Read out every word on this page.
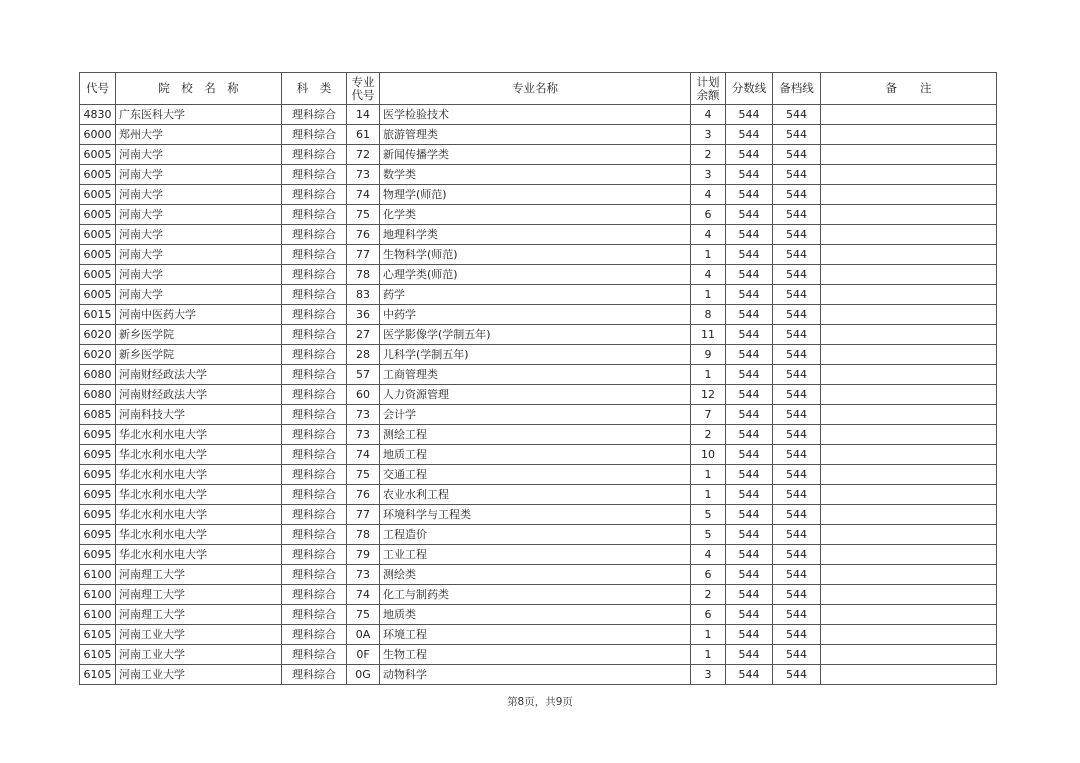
代号	院　校　名　称	科　类	专业代号	专业名称	计划余额	分数线	备档线	备　　注
4830	广东医科大学	理科综合	14	医学检验技术	4	544	544	
6000	郑州大学	理科综合	61	旅游管理类	3	544	544	
6005	河南大学	理科综合	72	新闻传播学类	2	544	544	
6005	河南大学	理科综合	73	数学类	3	544	544	
6005	河南大学	理科综合	74	物理学(师范)	4	544	544	
6005	河南大学	理科综合	75	化学类	6	544	544	
6005	河南大学	理科综合	76	地理科学类	4	544	544	
6005	河南大学	理科综合	77	生物科学(师范)	1	544	544	
6005	河南大学	理科综合	78	心理学类(师范)	4	544	544	
6005	河南大学	理科综合	83	药学	1	544	544	
6015	河南中医药大学	理科综合	36	中药学	8	544	544	
6020	新乡医学院	理科综合	27	医学影像学(学制五年)	11	544	544	
6020	新乡医学院	理科综合	28	儿科学(学制五年)	9	544	544	
6080	河南财经政法大学	理科综合	57	工商管理类	1	544	544	
6080	河南财经政法大学	理科综合	60	人力资源管理	12	544	544	
6085	河南科技大学	理科综合	73	会计学	7	544	544	
6095	华北水利水电大学	理科综合	73	测绘工程	2	544	544	
6095	华北水利水电大学	理科综合	74	地质工程	10	544	544	
6095	华北水利水电大学	理科综合	75	交通工程	1	544	544	
6095	华北水利水电大学	理科综合	76	农业水利工程	1	544	544	
6095	华北水利水电大学	理科综合	77	环境科学与工程类	5	544	544	
6095	华北水利水电大学	理科综合	78	工程造价	5	544	544	
6095	华北水利水电大学	理科综合	79	工业工程	4	544	544	
6100	河南理工大学	理科综合	73	测绘类	6	544	544	
6100	河南理工大学	理科综合	74	化工与制药类	2	544	544	
6100	河南理工大学	理科综合	75	地质类	6	544	544	
6105	河南工业大学	理科综合	0A	环境工程	1	544	544	
6105	河南工业大学	理科综合	0F	生物工程	1	544	544	
6105	河南工业大学	理科综合	0G	动物科学	3	544	544	
第8页，共9页
